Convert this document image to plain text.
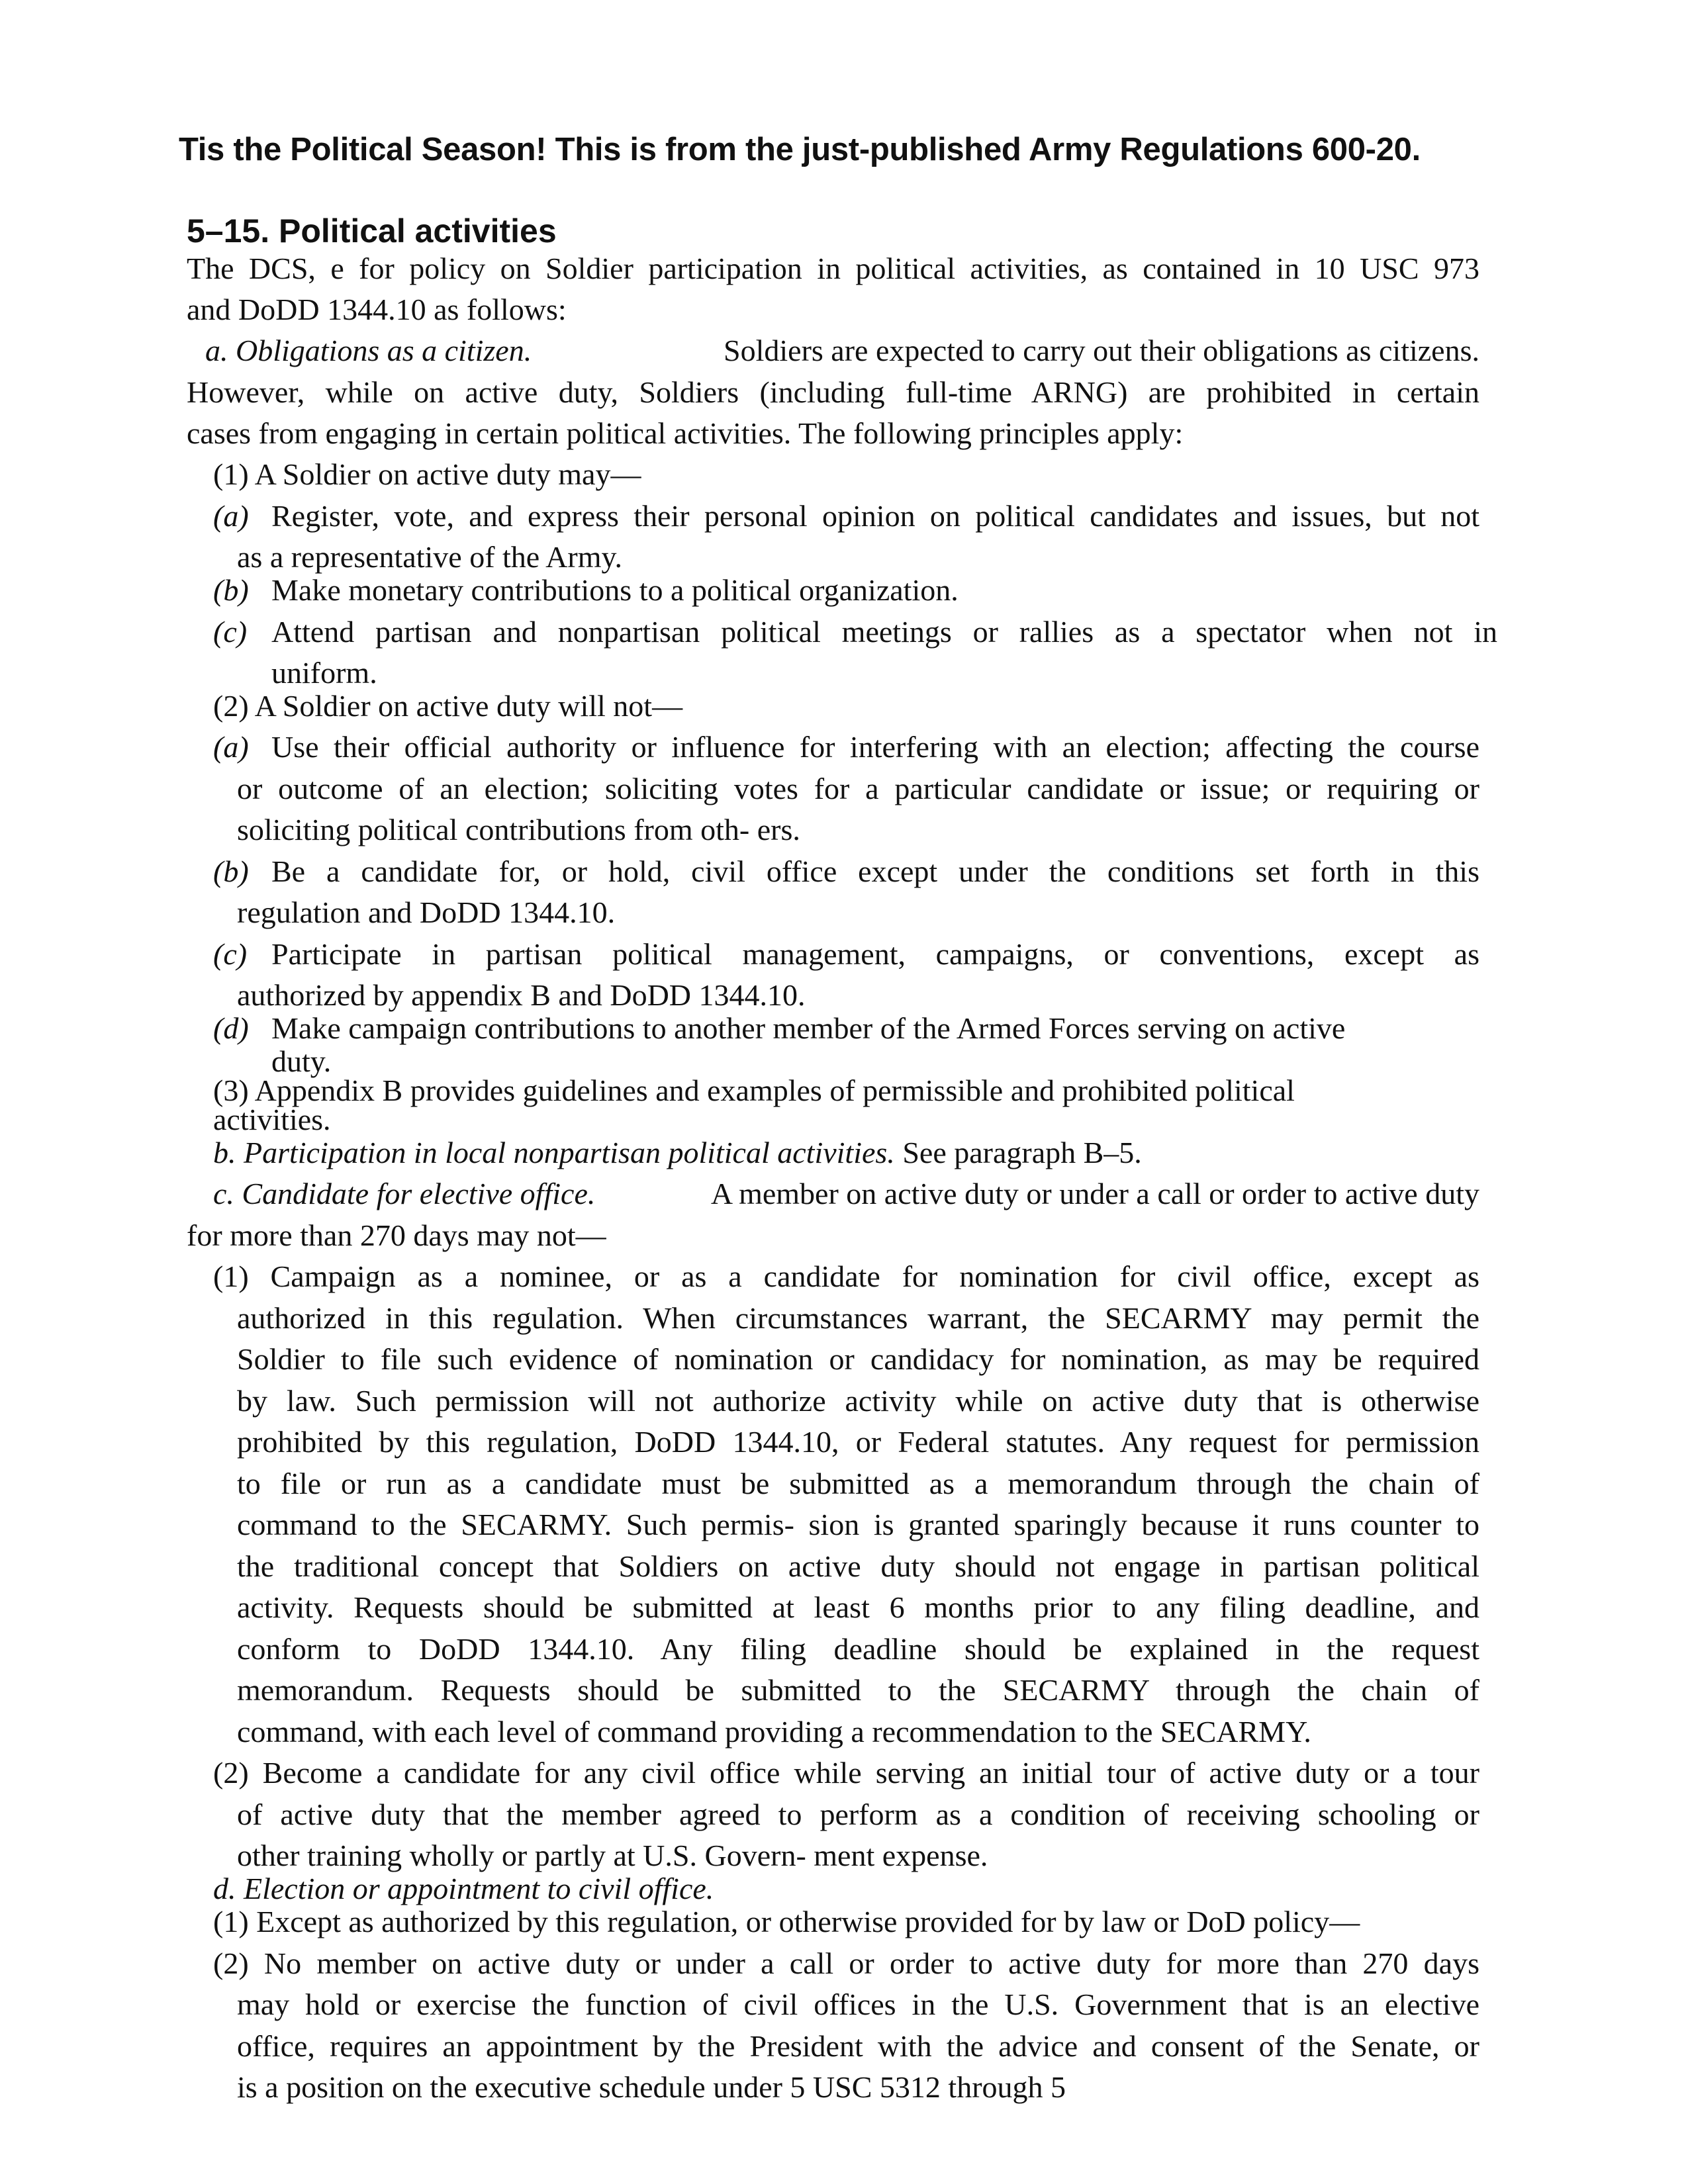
Tis the Political Season! This is from the just-published Army Regulations 600-20.
5–15. Political activities
The DCS, e for policy on Soldier participation in political activities, as contained in 10 USC 973
and DoDD 1344.10 as follows:
a. Obligations as a citizen.	Soldiers are expected to carry out their obligations as citizens.
However, while on active duty, Soldiers (including full-time ARNG) are prohibited in certain
cases from engaging in certain political activities. The following principles apply:
(1) A Soldier on active duty may—
(a) Register, vote, and express their personal opinion on political candidates and issues, but not
as a representative of the Army.
(b) Make monetary contributions to a political organization.
(c) Attend partisan and nonpartisan political meetings or rallies as a spectator when not in
uniform.
(2) A Soldier on active duty will not—
(a) Use their official authority or influence for interfering with an election; affecting the course
or outcome of an election; soliciting votes for a particular candidate or issue; or requiring or
soliciting political contributions from oth- ers.
(b) Be a candidate for, or hold, civil office except under the conditions set forth in this
regulation and DoDD 1344.10.
(c) Participate in partisan political management, campaigns, or conventions, except as
authorized by appendix B and DoDD 1344.10.
(d) Make campaign contributions to another member of the Armed Forces serving on active
duty.
(3) Appendix B provides guidelines and examples of permissible and prohibited political
activities.
b. Participation in local nonpartisan political activities. See paragraph B–5.
c. Candidate for elective office.	A member on active duty or under a call or order to active duty
for more than 270 days may not—
(1) Campaign as a nominee, or as a candidate for nomination for civil office, except as
authorized in this regulation. When circumstances warrant, the SECARMY may permit the
Soldier to file such evidence of nomination or candidacy for nomination, as may be required
by law. Such permission will not authorize activity while on active duty that is otherwise
prohibited by this regulation, DoDD 1344.10, or Federal statutes. Any request for permission
to file or run as a candidate must be submitted as a memorandum through the chain of
command to the SECARMY. Such permis- sion is granted sparingly because it runs counter to
the traditional concept that Soldiers on active duty should not engage in partisan political
activity. Requests should be submitted at least 6 months prior to any filing deadline, and
conform to DoDD 1344.10. Any filing deadline should be explained in the request
memorandum. Requests should be submitted to the SECARMY through the chain of
command, with each level of command providing a recommendation to the SECARMY.
(2) Become a candidate for any civil office while serving an initial tour of active duty or a tour
of active duty that the member agreed to perform as a condition of receiving schooling or
other training wholly or partly at U.S. Govern- ment expense.
d. Election or appointment to civil office.
(1) Except as authorized by this regulation, or otherwise provided for by law or DoD policy—
(2) No member on active duty or under a call or order to active duty for more than 270 days
may hold or exercise the function of civil offices in the U.S. Government that is an elective
office, requires an appointment by the President with the advice and consent of the Senate, or
is a position on the executive schedule under 5 USC 5312 through 5
